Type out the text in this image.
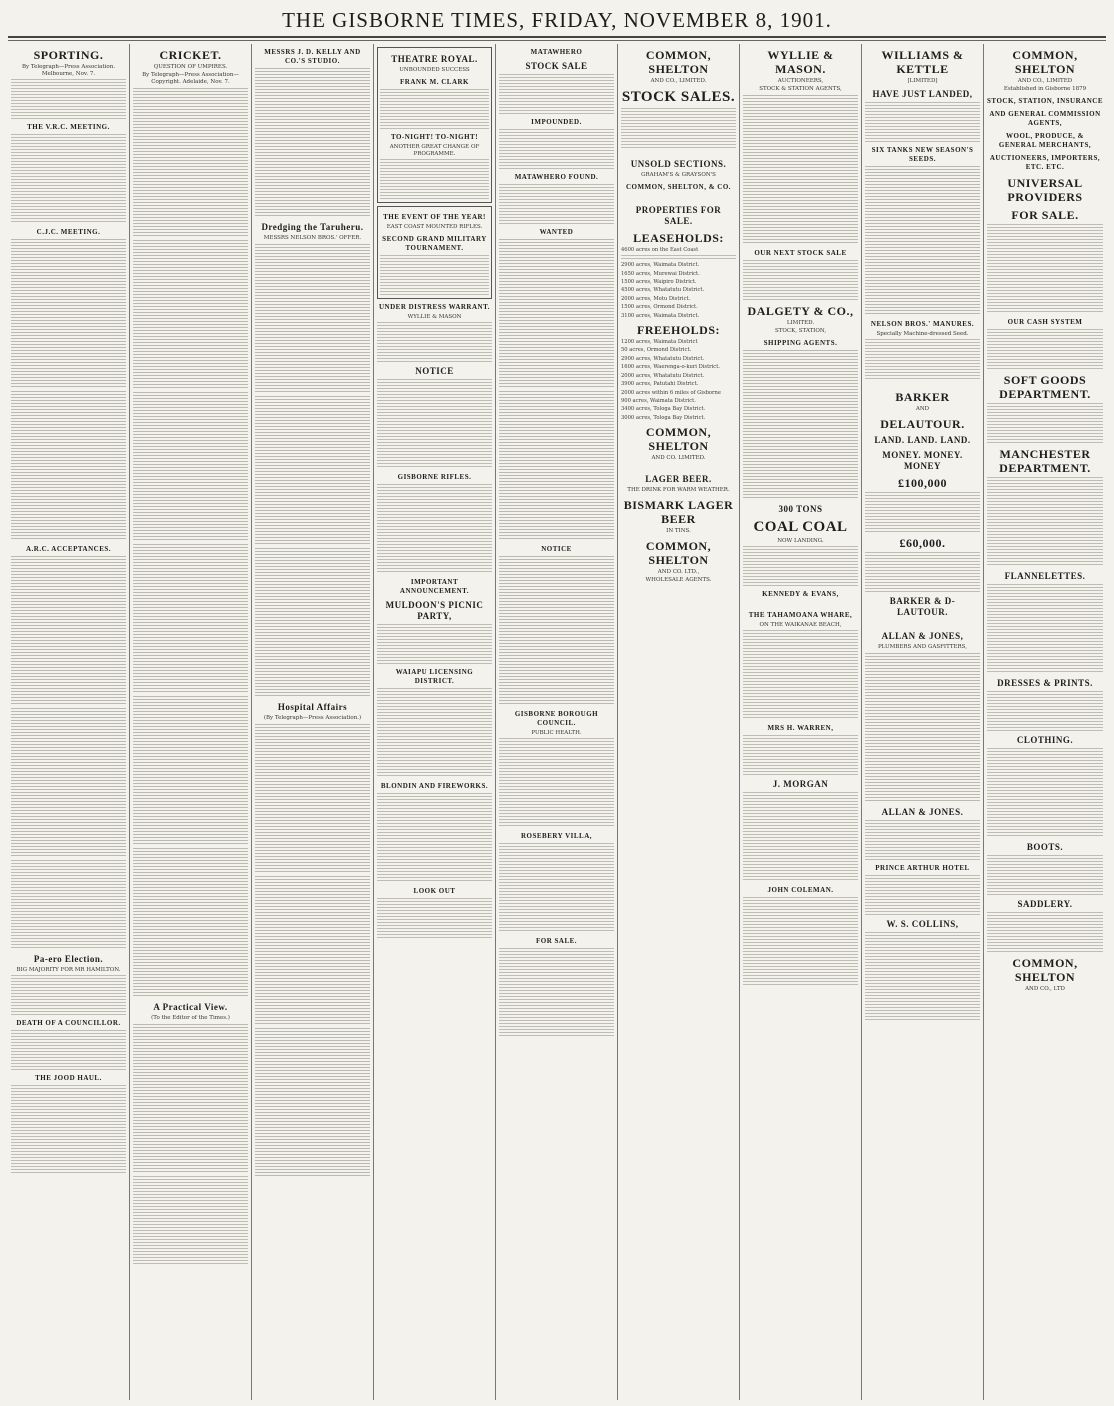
THE GISBORNE TIMES, FRIDAY, NOVEMBER 8, 1901.
SPORTING.
By Telegraph—Press Association. Melbourne, Nov. 7.
THE V.R.C. MEETING.
C.J.C. MEETING.
A.R.C. ACCEPTANCES.
Pa-ero Election.
BIG MAJORITY FOR MR HAMILTON.
DEATH OF A COUNCILLOR.
THE JOOD HAUL.
CRICKET.
QUESTION OF UMPIRES.
By Telegraph—Press Association—Copyright. Adelaide, Nov. 7.
A Practical View.
(To the Editor of the Times.)
MESSRS J. D. KELLY AND CO.'S STUDIO.
Dredging the Taruheru.
MESSRS NELSON BROS.' OFFER.
Hospital Affairs
(By Telegraph—Press Association.)
THEATRE ROYAL.
UNBOUNDED SUCCESS
FRANK M. CLARK
TO-NIGHT! TO-NIGHT!
ANOTHER GREAT CHANGE OF PROGRAMME.
THE EVENT OF THE YEAR!
EAST COAST MOUNTED RIFLES.
SECOND GRAND MILITARY TOURNAMENT.
UNDER DISTRESS WARRANT.
WYLLIE & MASON
NOTICE
GISBORNE RIFLES.
IMPORTANT ANNOUNCEMENT.
MULDOON'S PICNIC PARTY,
WAIAPU LICENSING DISTRICT.
BLONDIN AND FIREWORKS.
LOOK OUT
MATAWHERO
STOCK SALE
IMPOUNDED.
MATAWHERO FOUND.
WANTED
NOTICE
GISBORNE BOROUGH COUNCIL.
PUBLIC HEALTH.
ROSEBERY VILLA,
FOR SALE.
COMMON, SHELTON
AND CO., LIMITED.
STOCK SALES.
UNSOLD SECTIONS.
GRAHAM'S & GRAYSON'S
COMMON, SHELTON, & CO.
PROPERTIES FOR SALE.
LEASEHOLDS:
4600 acres on the East Coast
2900 acres, Waimata District.
1650 acres, Murewai District.
1500 acres, Waipiro District.
4500 acres, Whatatutu District.
2000 acres, Motu District.
1500 acres, Ormond District.
3100 acres, Waimata District.
FREEHOLDS:
1200 acres, Waimata District
50 acres, Ormond District.
2900 acres, Whatatutu District.
1600 acres, Waerenga-o-kuri District.
2000 acres, Whatatutu District.
3900 acres, Patutahi District.
2000 acres within 6 miles of Gisborne
900 acres, Waimata District.
3400 acres, Tologa Bay District.
3000 acres, Tologa Bay District.
COMMON, SHELTON
AND CO. LIMITED.
LAGER BEER.
THE DRINK FOR WARM WEATHER.
BISMARK LAGER BEER
IN TINS.
COMMON, SHELTON
AND CO. LTD.,
WHOLESALE AGENTS.
WYLLIE & MASON.
AUCTIONEERS,
STOCK & STATION AGENTS,
OUR NEXT STOCK SALE
DALGETY & CO.,
LIMITED.
STOCK, STATION,
SHIPPING AGENTS.
300 TONS
COAL COAL
NOW LANDING.
KENNEDY & EVANS,
THE TAHAMOANA WHARE,
ON THE WAIKANAE BEACH,
MRS H. WARREN,
J. MORGAN
JOHN COLEMAN.
WILLIAMS & KETTLE
[LIMITED]
HAVE JUST LANDED,
SIX TANKS NEW SEASON'S SEEDS.
NELSON BROS.' MANURES.
Specially Machine-dressed Seed.
BARKER
AND
DELAUTOUR.
LAND. LAND. LAND.
MONEY. MONEY. MONEY
£100,000
£60,000.
BARKER & D-LAUTOUR.
ALLAN & JONES,
PLUMBERS AND GASFITTERS,
ALLAN & JONES.
PRINCE ARTHUR HOTEL
W. S. COLLINS,
COMMON, SHELTON
AND CO., LIMITED
Established in Gisborne 1879
STOCK, STATION, INSURANCE
AND GENERAL COMMISSION AGENTS,
WOOL, PRODUCE, & GENERAL MERCHANTS,
AUCTIONEERS, IMPORTERS, ETC. ETC.
UNIVERSAL PROVIDERS
FOR SALE.
OUR CASH SYSTEM
SOFT GOODS DEPARTMENT.
MANCHESTER DEPARTMENT.
FLANNELETTES.
DRESSES & PRINTS.
CLOTHING.
BOOTS.
SADDLERY.
COMMON, SHELTON
AND CO., LTD
